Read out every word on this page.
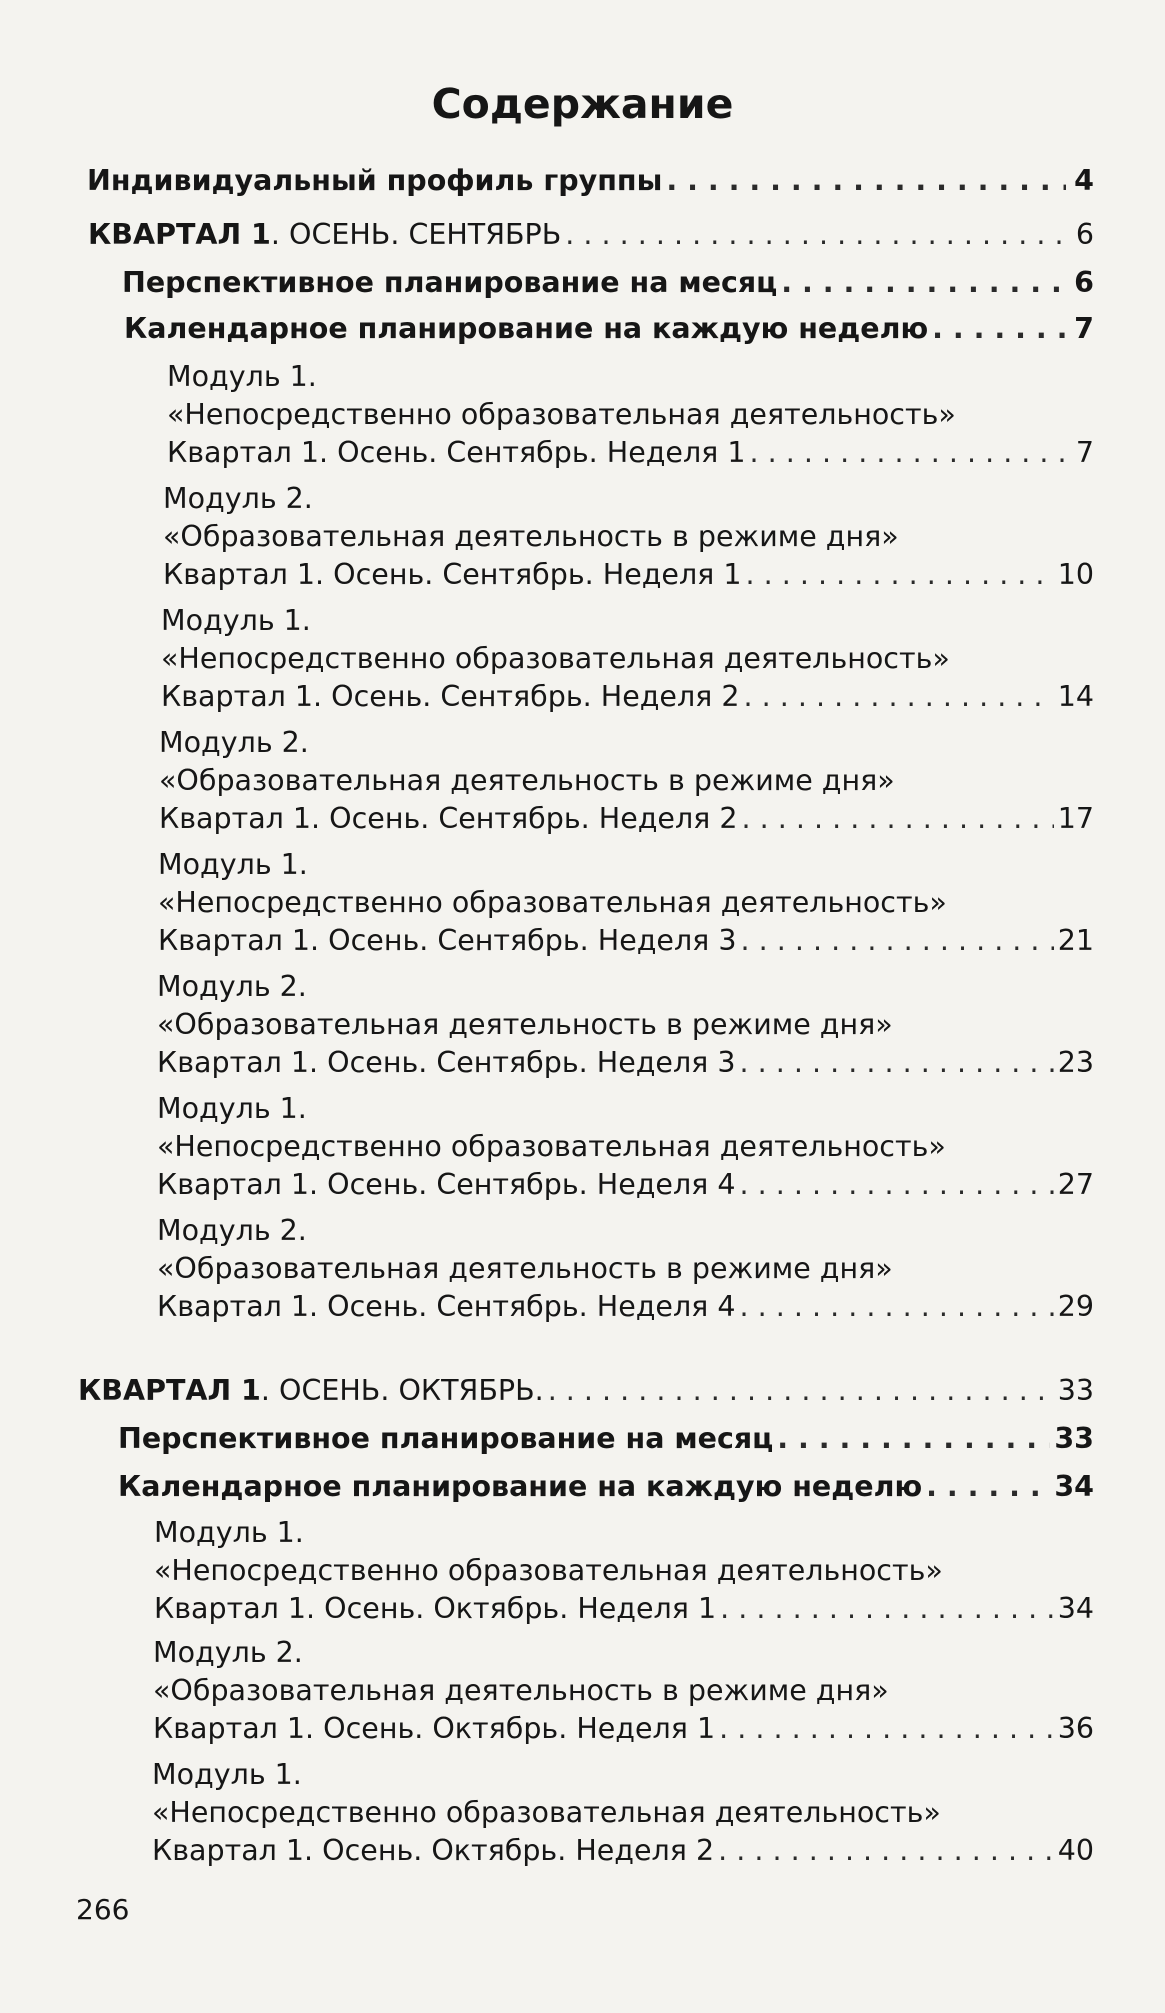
Содержание
Индивидуальный профиль группы . . .	4
КВАРТАЛ 1. ОСЕНЬ. СЕНТЯБРЬ . . .	6
Перспективное планирование на месяц . . .	6
Календарное планирование на каждую неделю . . .	7
Модуль 1.
«Непосредственно образовательная деятельность»
Квартал 1. Осень. Сентябрь. Неделя 1 . . .	7
Модуль 2.
«Образовательная деятельность в режиме дня»
Квартал 1. Осень. Сентябрь. Неделя 1 . . .	10
Модуль 1.
«Непосредственно образовательная деятельность»
Квартал 1. Осень. Сентябрь. Неделя 2 . . .	14
Модуль 2.
«Образовательная деятельность в режиме дня»
Квартал 1. Осень. Сентябрь. Неделя 2 . . .	17
Модуль 1.
«Непосредственно образовательная деятельность»
Квартал 1. Осень. Сентябрь. Неделя 3 . . .	21
Модуль 2.
«Образовательная деятельность в режиме дня»
Квартал 1. Осень. Сентябрь. Неделя 3 . . .	23
Модуль 1.
«Непосредственно образовательная деятельность»
Квартал 1. Осень. Сентябрь. Неделя 4 . . .	27
Модуль 2.
«Образовательная деятельность в режиме дня»
Квартал 1. Осень. Сентябрь. Неделя 4 . . .	29
КВАРТАЛ 1. ОСЕНЬ. ОКТЯБРЬ. . . .	33
Перспективное планирование на месяц . . .	33
Календарное планирование на каждую неделю . . .	34
Модуль 1.
«Непосредственно образовательная деятельность»
Квартал 1. Осень. Октябрь. Неделя 1 . . .	34
Модуль 2.
«Образовательная деятельность в режиме дня»
Квартал 1. Осень. Октябрь. Неделя 1 . . .	36
Модуль 1.
«Непосредственно образовательная деятельность»
Квартал 1. Осень. Октябрь. Неделя 2 . . .	40
266
